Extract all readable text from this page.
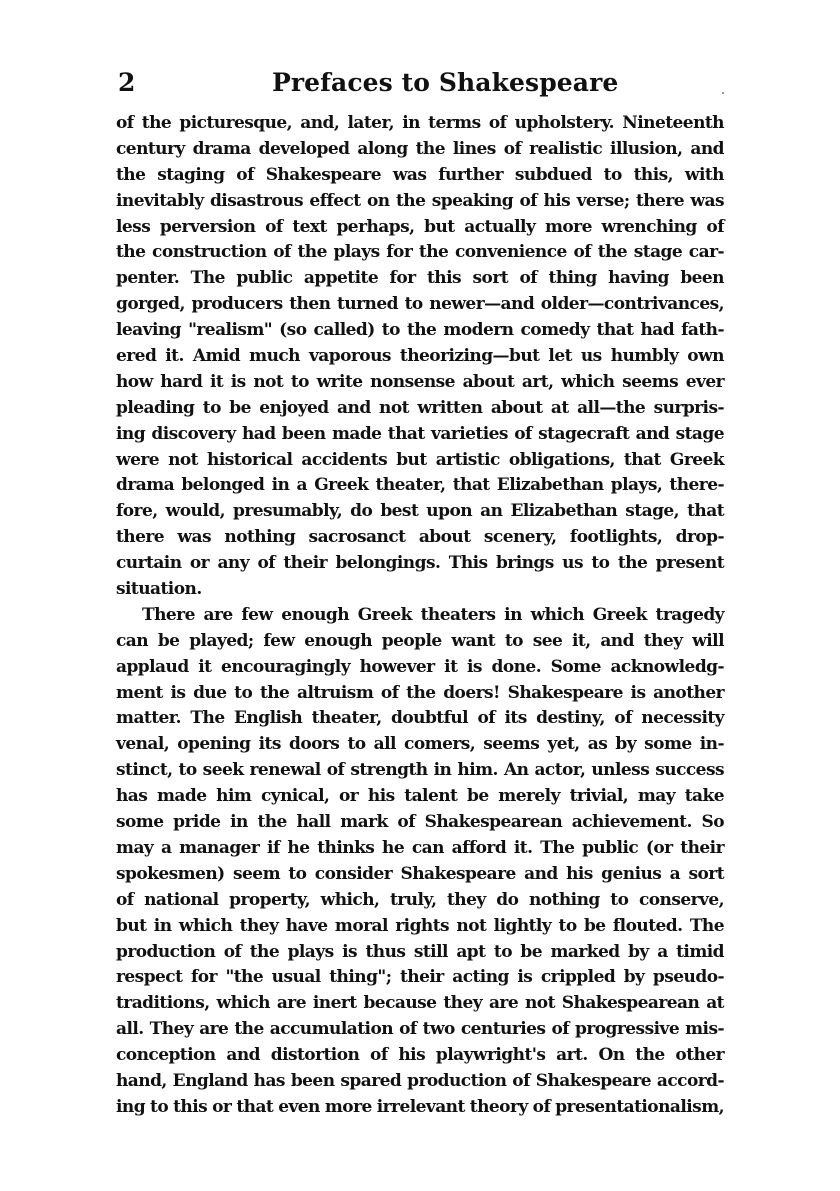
2	Prefaces to Shakespeare
of the picturesque, and, later, in terms of upholstery. Nineteenth
century drama developed along the lines of realistic illusion, and
the staging of Shakespeare was further subdued to this, with
inevitably disastrous effect on the speaking of his verse; there was
less perversion of text perhaps, but actually more wrenching of
the construction of the plays for the convenience of the stage car-
penter. The public appetite for this sort of thing having been
gorged, producers then turned to newer—and older—contrivances,
leaving "realism" (so called) to the modern comedy that had fath-
ered it. Amid much vaporous theorizing—but let us humbly own
how hard it is not to write nonsense about art, which seems ever
pleading to be enjoyed and not written about at all—the surpris-
ing discovery had been made that varieties of stagecraft and stage
were not historical accidents but artistic obligations, that Greek
drama belonged in a Greek theater, that Elizabethan plays, there-
fore, would, presumably, do best upon an Elizabethan stage, that
there was nothing sacrosanct about scenery, footlights, drop-
curtain or any of their belongings. This brings us to the present
situation.
There are few enough Greek theaters in which Greek tragedy
can be played; few enough people want to see it, and they will
applaud it encouragingly however it is done. Some acknowledg-
ment is due to the altruism of the doers! Shakespeare is another
matter. The English theater, doubtful of its destiny, of necessity
venal, opening its doors to all comers, seems yet, as by some in-
stinct, to seek renewal of strength in him. An actor, unless success
has made him cynical, or his talent be merely trivial, may take
some pride in the hall mark of Shakespearean achievement. So
may a manager if he thinks he can afford it. The public (or their
spokesmen) seem to consider Shakespeare and his genius a sort
of national property, which, truly, they do nothing to conserve,
but in which they have moral rights not lightly to be flouted. The
production of the plays is thus still apt to be marked by a timid
respect for "the usual thing"; their acting is crippled by pseudo-
traditions, which are inert because they are not Shakespearean at
all. They are the accumulation of two centuries of progressive mis-
conception and distortion of his playwright's art. On the other
hand, England has been spared production of Shakespeare accord-
ing to this or that even more irrelevant theory of presentationalism,
